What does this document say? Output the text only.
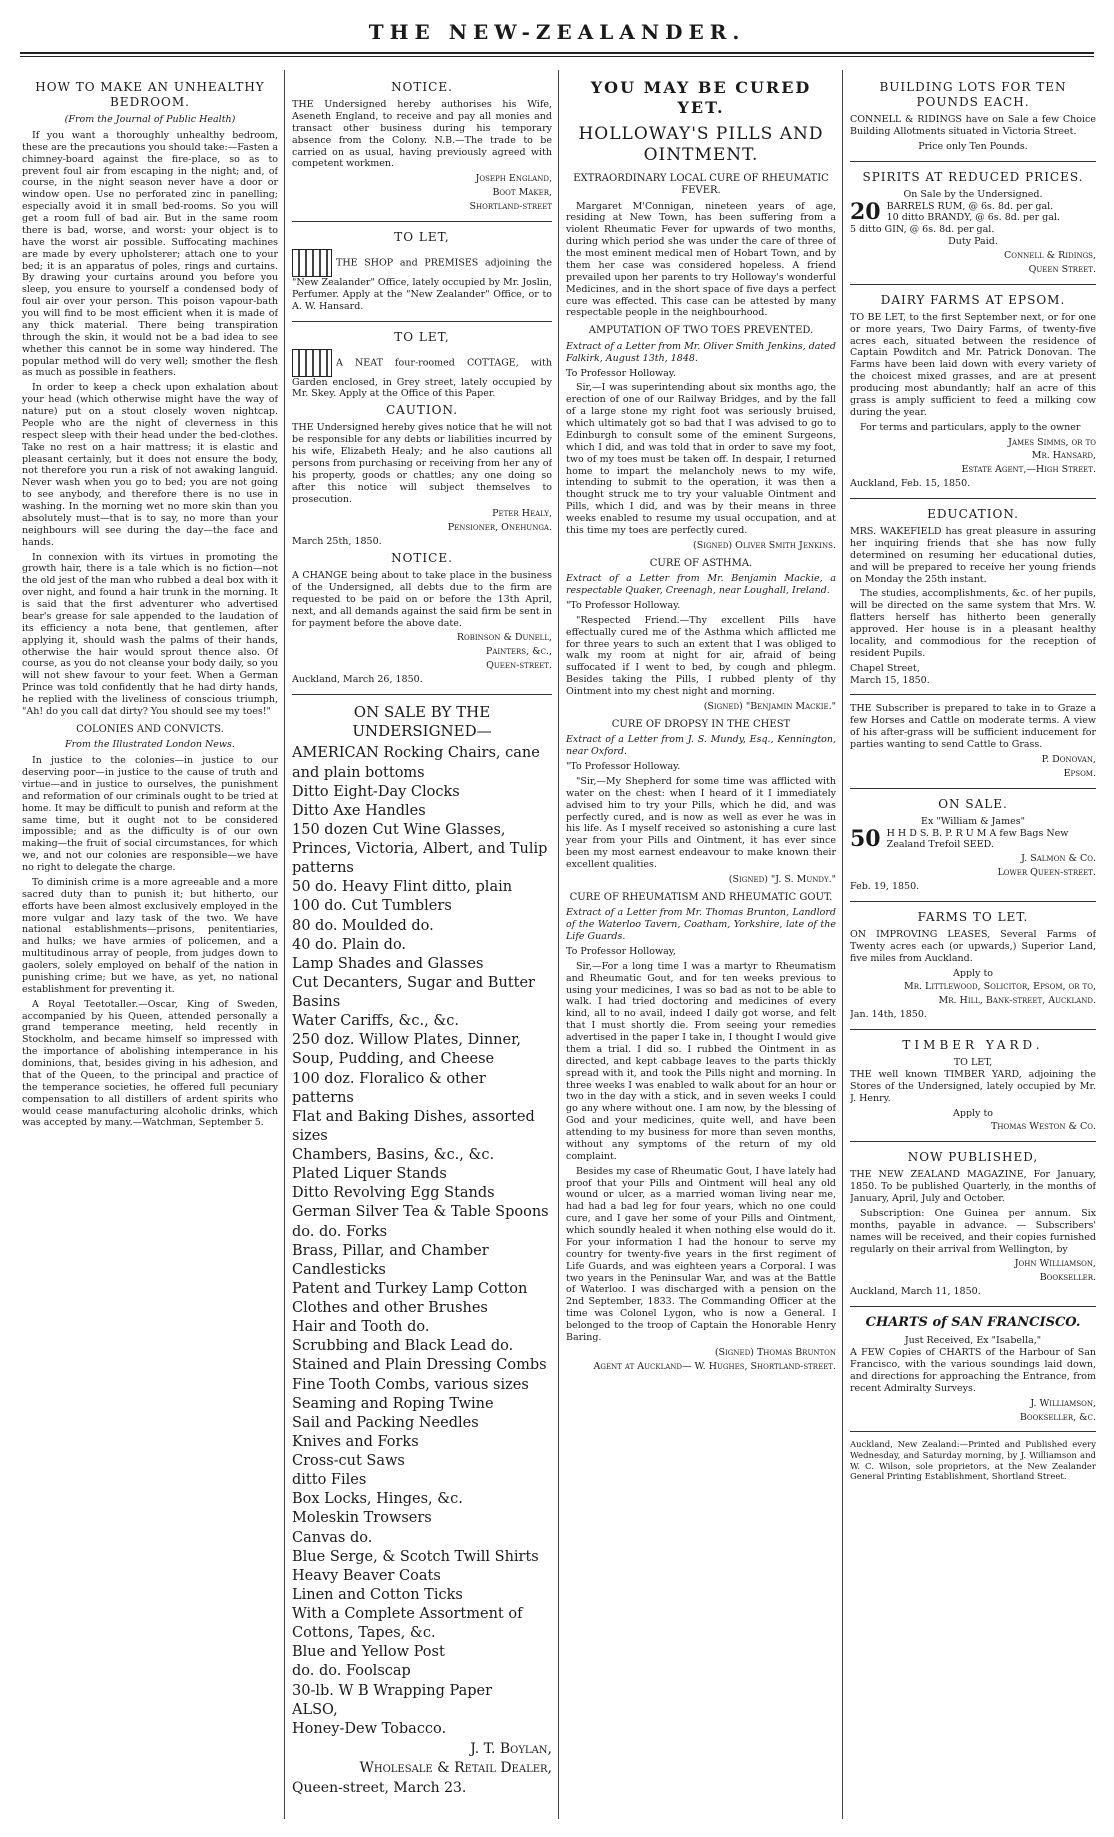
THE NEW-ZEALANDER.
HOW TO MAKE AN UNHEALTHY BEDROOM.
(From the Journal of Public Health)

If you want a thoroughly unhealthy bedroom, these are the precautions you should take:—Fasten a chimney-board against the fire-place, so as to prevent foul air from escaping in the night; and, of course, in the night season never have a door or window open. Use no perforated zinc in panelling; especially avoid it in small bed-rooms. So you will get a room full of bad air. But in the same room there is bad, worse, and worst: your object is to have the worst air possible. Suffocating machines are made by every upholsterer; attach one to your bed; it is an apparatus of poles, rings and curtains. By drawing your curtains around you before you sleep, you ensure to yourself a condensed body of foul air over your person. This poison vapour-bath you will find to be most efficient when it is made of any thick material. There being transpiration through the skin, it would not be a bad idea to see whether this cannot be in some way hindered. The popular method will do very well; smother the flesh as much as possible in feathers.

In order to keep a check upon exhalation about your head (which otherwise might have the way of nature) put on a stout closely woven nightcap. People who are the night of cleverness in this respect sleep with their head under the bed-clothes. Take no rest on a hair mattress; it is elastic and pleasant certainly, but it does not ensure the body, not therefore you run a risk of not awaking languid. Never wash when you go to bed; you are not going to see anybody, and therefore there is no use in washing. In the morning wet no more skin than you absolutely must—that is to say, no more than your neighbours will see during the day—the face and hands.

In connexion with its virtues in promoting the growth hair, there is a tale which is no fiction—not the old jest of the man who rubbed a deal box with it over night, and found a hair trunk in the morning. It is said that the first adventurer who advertised bear's grease for sale appended to the laudation of its efficiency a nota bene, that gentlemen, after applying it, should wash the palms of their hands, otherwise the hair would sprout thence also. Of course, as you do not cleanse your body daily, so you will not shew favour to your feet. When a German Prince was told confidently that he had dirty hands, he replied with the liveliness of conscious triumph, "Ah! do you call dat dirty? You should see my toes!"

COLONIES AND CONVICTS.
From the Illustrated London News.

In justice to the colonies—in justice to our deserving poor—in justice to the cause of truth and virtue—and in justice to ourselves, the punishment and reformation of our criminals ought to be tried at home. It may be difficult to punish and reform at the same time, but it ought not to be considered impossible; and as the difficulty is of our own making—the fruit of social circumstances, for which we, and not our colonies are responsible—we have no right to delegate the charge.

To diminish crime is a more agreeable and a more sacred duty than to punish it; but hitherto, our efforts have been almost exclusively employed in the more vulgar and lazy task of the two. We have national establishments—prisons, penitentiaries, and hulks; we have armies of policemen, and a multitudinous array of people, from judges down to gaolers, solely employed on behalf of the nation in punishing crime; but we have, as yet, no national establishment for preventing it.

A Royal Teetotaller.—Oscar, King of Sweden, accompanied by his Queen, attended personally a grand temperance meeting, held recently in Stockholm, and became himself so impressed with the importance of abolishing intemperance in his dominions, that, besides giving in his adhesion, and that of the Queen, to the principal and practice of the temperance societies, he offered full pecuniary compensation to all distillers of ardent spirits who would cease manufacturing alcoholic drinks, which was accepted by many.—Watchman, September 5.

NOTICE.

THE Undersigned hereby authorises his Wife, Aseneth England, to receive and pay all monies and transact other business during his temporary absence from the Colony. N.B.—The trade to be carried on as usual, having previously agreed with competent workmen.

Joseph England,
Boot Maker,
Shortland-street
TO LET,

THE SHOP and PREMISES adjoining the "New Zealander" Office, lately occupied by Mr. Joslin, Perfumer. Apply at the "New Zealander" Office, or to A. W. Hansard.

TO LET,

A NEAT four-roomed COTTAGE, with Garden enclosed, in Grey street, lately occupied by Mr. Skey. Apply at the Office of this Paper.

CAUTION.

THE Undersigned hereby gives notice that he will not be responsible for any debts or liabilities incurred by his wife, Elizabeth Healy; and he also cautions all persons from purchasing or receiving from her any of his property, goods or chattles; any one doing so after this notice will subject themselves to prosecution.

Peter Healy,
Pensioner, Onehunga.

March 25th, 1850.

NOTICE.

A CHANGE being about to take place in the business of the Undersigned, all debts due to the firm are requested to be paid on or before the 13th April, next, and all demands against the said firm be sent in for payment before the above date.

Robinson & Dunell,
Painters, &c.,
Queen-street.

Auckland, March 26, 1850.

ON SALE BY THE UNDERSIGNED—
AMERICAN Rocking Chairs, cane and plain bottoms
Ditto Eight-Day Clocks
Ditto Axe Handles
150 dozen Cut Wine Glasses, Princes, Victoria, Albert, and Tulip patterns
50 do. Heavy Flint ditto, plain
100 do. Cut Tumblers
80 do. Moulded do.
40 do. Plain do.
Lamp Shades and Glasses
Cut Decanters, Sugar and Butter Basins
Water Cariffs, &c., &c.
250 doz. Willow Plates, Dinner, Soup, Pudding, and Cheese
100 doz. Floralico & other patterns
Flat and Baking Dishes, assorted sizes
Chambers, Basins, &c., &c.
Plated Liquer Stands
Ditto Revolving Egg Stands
German Silver Tea & Table Spoons
do. do. Forks
Brass, Pillar, and Chamber Candlesticks
Patent and Turkey Lamp Cotton
Clothes and other Brushes
Hair and Tooth do.
Scrubbing and Black Lead do.
Stained and Plain Dressing Combs
Fine Tooth Combs, various sizes
Seaming and Roping Twine
Sail and Packing Needles
Knives and Forks
Cross-cut Saws
ditto Files
Box Locks, Hinges, &c.
Moleskin Trowsers
Canvas do.
Blue Serge, & Scotch Twill Shirts
Heavy Beaver Coats
Linen and Cotton Ticks
With a Complete Assortment of Cottons, Tapes, &c.
Blue and Yellow Post
do. do. Foolscap
30-lb. W B Wrapping Paper
ALSO,
Honey-Dew Tobacco.
J. T. Boylan,
Wholesale & Retail Dealer,
Queen-street, March 23.
YOU MAY BE CURED YET.
HOLLOWAY'S PILLS AND OINTMENT.
EXTRAORDINARY LOCAL CURE OF RHEUMATIC FEVER.

Margaret M'Connigan, nineteen years of age, residing at New Town, has been suffering from a violent Rheumatic Fever for upwards of two months, during which period she was under the care of three of the most eminent medical men of Hobart Town, and by them her case was considered hopeless. A friend prevailed upon her parents to try Holloway's wonderful Medicines, and in the short space of five days a perfect cure was effected. This case can be attested by many respectable people in the neighbourhood.

AMPUTATION OF TWO TOES PREVENTED.

Extract of a Letter from Mr. Oliver Smith Jenkins, dated Falkirk, August 13th, 1848.

To Professor Holloway.

Sir,—I was superintending about six months ago, the erection of one of our Railway Bridges, and by the fall of a large stone my right foot was seriously bruised, which ultimately got so bad that I was advised to go to Edinburgh to consult some of the eminent Surgeons, which I did, and was told that in order to save my foot, two of my toes must be taken off. In despair, I returned home to impart the melancholy news to my wife, intending to submit to the operation, it was then a thought struck me to try your valuable Ointment and Pills, which I did, and was by their means in three weeks enabled to resume my usual occupation, and at this time my toes are perfectly cured.

(Signed) Oliver Smith Jenkins.
CURE OF ASTHMA.

Extract of a Letter from Mr. Benjamin Mackie, a respectable Quaker, Creenagh, near Loughall, Ireland.

"To Professor Holloway.

"Respected Friend.—Thy excellent Pills have effectually cured me of the Asthma which afflicted me for three years to such an extent that I was obliged to walk my room at night for air, afraid of being suffocated if I went to bed, by cough and phlegm. Besides taking the Pills, I rubbed plenty of thy Ointment into my chest night and morning.

(Signed) "Benjamin Mackie."
CURE OF DROPSY IN THE CHEST

Extract of a Letter from J. S. Mundy, Esq., Kennington, near Oxford.

"To Professor Holloway.

"Sir,—My Shepherd for some time was afflicted with water on the chest: when I heard of it I immediately advised him to try your Pills, which he did, and was perfectly cured, and is now as well as ever he was in his life. As I myself received so astonishing a cure last year from your Pills and Ointment, it has ever since been my most earnest endeavour to make known their excellent qualities.

(Signed) "J. S. Mundy."
CURE OF RHEUMATISM AND RHEUMATIC GOUT.

Extract of a Letter from Mr. Thomas Brunton, Landlord of the Waterloo Tavern, Coatham, Yorkshire, late of the Life Guards.

To Professor Holloway,

Sir,—For a long time I was a martyr to Rheumatism and Rheumatic Gout, and for ten weeks previous to using your medicines, I was so bad as not to be able to walk. I had tried doctoring and medicines of every kind, all to no avail, indeed I daily got worse, and felt that I must shortly die. From seeing your remedies advertised in the paper I take in, I thought I would give them a trial. I did so. I rubbed the Ointment in as directed, and kept cabbage leaves to the parts thickly spread with it, and took the Pills night and morning. In three weeks I was enabled to walk about for an hour or two in the day with a stick, and in seven weeks I could go any where without one. I am now, by the blessing of God and your medicines, quite well, and have been attending to my business for more than seven months, without any symptoms of the return of my old complaint.

Besides my case of Rheumatic Gout, I have lately had proof that your Pills and Ointment will heal any old wound or ulcer, as a married woman living near me, had had a bad leg for four years, which no one could cure, and I gave her some of your Pills and Ointment, which soundly healed it when nothing else would do it. For your information I had the honour to serve my country for twenty-five years in the first regiment of Life Guards, and was eighteen years a Corporal. I was two years in the Peninsular War, and was at the Battle of Waterloo. I was discharged with a pension on the 2nd September, 1833. The Commanding Officer at the time was Colonel Lygon, who is now a General. I belonged to the troop of Captain the Honorable Henry Baring.

(Signed) Thomas Brunton
Agent at Auckland— W. Hughes, Shortland-street.
BUILDING LOTS FOR TEN POUNDS EACH.

CONNELL & RIDINGS have on Sale a few Choice Building Allotments situated in Victoria Street.

Price only Ten Pounds.
SPIRITS AT REDUCED PRICES.
On Sale by the Undersigned.
20 BARRELS RUM, @ 6s. 8d. per gal.
10 ditto BRANDY, @ 6s. 8d. per gal.
5 ditto GIN, @ 6s. 8d. per gal.
Duty Paid.
Connell & Ridings,
Queen Street.
DAIRY FARMS AT EPSOM.

TO BE LET, to the first September next, or for one or more years, Two Dairy Farms, of twenty-five acres each, situated between the residence of Captain Powditch and Mr. Patrick Donovan. The Farms have been laid down with every variety of the choicest mixed grasses, and are at present producing most abundantly; half an acre of this grass is amply sufficient to feed a milking cow during the year.

For terms and particulars, apply to the owner

James Simms, or to
Mr. Hansard,
Estate Agent,—High Street.

Auckland, Feb. 15, 1850.

EDUCATION.

MRS. WAKEFIELD has great pleasure in assuring her inquiring friends that she has now fully determined on resuming her educational duties, and will be prepared to receive her young friends on Monday the 25th instant.

The studies, accomplishments, &c. of her pupils, will be directed on the same system that Mrs. W. flatters herself has hitherto been generally approved. Her house is in a pleasant healthy locality, and commodious for the reception of resident Pupils.

Chapel Street,
March 15, 1850.

THE Subscriber is prepared to take in to Graze a few Horses and Cattle on moderate terms. A view of his after-grass will be sufficient inducement for parties wanting to send Cattle to Grass.

P. Donovan,
Epsom.
ON SALE.
Ex "William & James"
50 H H D S. B. P. R U M A few Bags New Zealand Trefoil SEED.
J. Salmon & Co.
Lower Queen-street.

Feb. 19, 1850.

FARMS TO LET.

ON IMPROVING LEASES, Several Farms of Twenty acres each (or upwards,) Superior Land, five miles from Auckland.

Apply to
Mr. Littlewood, Solicitor, Epsom, or to,
Mr. Hill, Bank-street, Auckland.

Jan. 14th, 1850.

TIMBER YARD.
TO LET,

THE well known TIMBER YARD, adjoining the Stores of the Undersigned, lately occupied by Mr. J. Henry.

Apply to
Thomas Weston & Co.
NOW PUBLISHED,

THE NEW ZEALAND MAGAZINE, For January, 1850. To be published Quarterly, in the months of January, April, July and October.

Subscription: One Guinea per annum. Six months, payable in advance. — Subscribers' names will be received, and their copies furnished regularly on their arrival from Wellington, by

John Williamson,
Bookseller.

Auckland, March 11, 1850.

CHARTS of SAN FRANCISCO.
Just Received, Ex "Isabella,"

A FEW Copies of CHARTS of the Harbour of San Francisco, with the various soundings laid down, and directions for approaching the Entrance, from recent Admiralty Surveys.

J. Williamson,
Bookseller, &c.

Auckland, New Zealand:—Printed and Published every Wednesday, and Saturday morning, by J. Williamson and W. C. Wilson, sole proprietors, at the New Zealander General Printing Establishment, Shortland Street.
